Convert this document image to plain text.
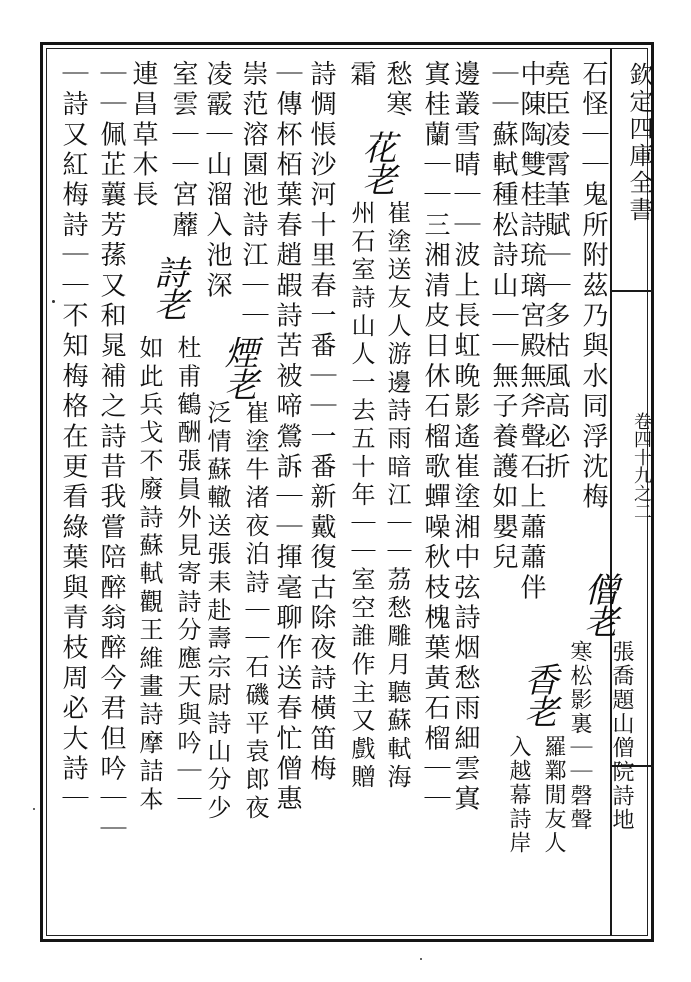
欽定四庫全書
卷四十九之二
石怪｜｜鬼所附茲乃與水同浮沈梅
僧老
張喬題山僧院詩地
堯臣凌霄茟賦｜｜多枯風高必折
寒松影裏｜｜磬聲
中陳陶雙桂詩琉璃宮殿無斧聲石上蕭蕭伴
｜｜蘇軾種松詩山｜｜無子養護如嬰兒
香老
羅鄴閒友人
入越幕詩岸
邊叢雪晴｜｜波上長虹晚影遙崔塗湘中弦詩烟愁雨細雲寘
寘桂蘭｜｜三湘清皮日休石榴歌蟬噪秋枝槐葉黃石榴｜｜
愁寒
花老
崔塗送友人游邊詩雨暗江｜｜茘愁雕月聽蘇軾海
霜
州石室詩山人一去五十年｜｜室空誰作主又戲贈
詩惆悵沙河十里春一番｜｜一番新戴復古除夜詩橫笛梅
｜傳杯栢葉春趙嘏詩苦被啼鶯訴｜｜揮毫聊作送春忙僧惠
崇范溶園池詩江｜｜
煙老
崔塗牛渚夜泊詩｜｜石磯平袁郎夜
凌霰｜山溜入池深
泛情蘇轍送張耒赴壽宗尉詩山分少
室雲｜｜宮蘼
詩老
杜甫鶴酬張員外見寄詩分應天與吟｜｜
連昌草木長
如此兵戈不廢詩蘇軾觀王維畫詩摩詰本
｜｜佩芷蘘芳蓀又和晁補之詩昔我嘗陪醉翁醉今君但吟｜｜
｜詩又紅梅詩｜｜不知梅格在更看綠葉與青枝周必大詩｜
